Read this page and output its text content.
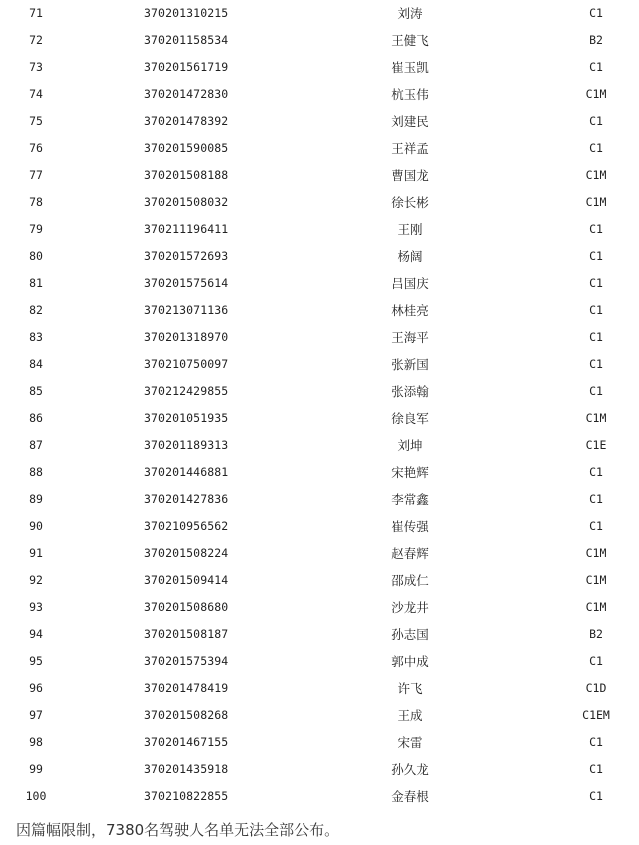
71	370201310215	刘涛	C1
72	370201158534	王健飞	B2
73	370201561719	崔玉凯	C1
74	370201472830	杭玉伟	C1M
75	370201478392	刘建民	C1
76	370201590085	王祥孟	C1
77	370201508188	曹国龙	C1M
78	370201508032	徐长彬	C1M
79	370211196411	王刚	C1
80	370201572693	杨阔	C1
81	370201575614	吕国庆	C1
82	370213071136	林桂亮	C1
83	370201318970	王海平	C1
84	370210750097	张新国	C1
85	370212429855	张添翰	C1
86	370201051935	徐良军	C1M
87	370201189313	刘坤	C1E
88	370201446881	宋艳辉	C1
89	370201427836	李常鑫	C1
90	370210956562	崔传强	C1
91	370201508224	赵春辉	C1M
92	370201509414	邵成仁	C1M
93	370201508680	沙龙井	C1M
94	370201508187	孙志国	B2
95	370201575394	郭中成	C1
96	370201478419	许飞	C1D
97	370201508268	王成	C1EM
98	370201467155	宋雷	C1
99	370201435918	孙久龙	C1
100	370210822855	金春根	C1
因篇幅限制，7380名驾驶人名单无法全部公布。
